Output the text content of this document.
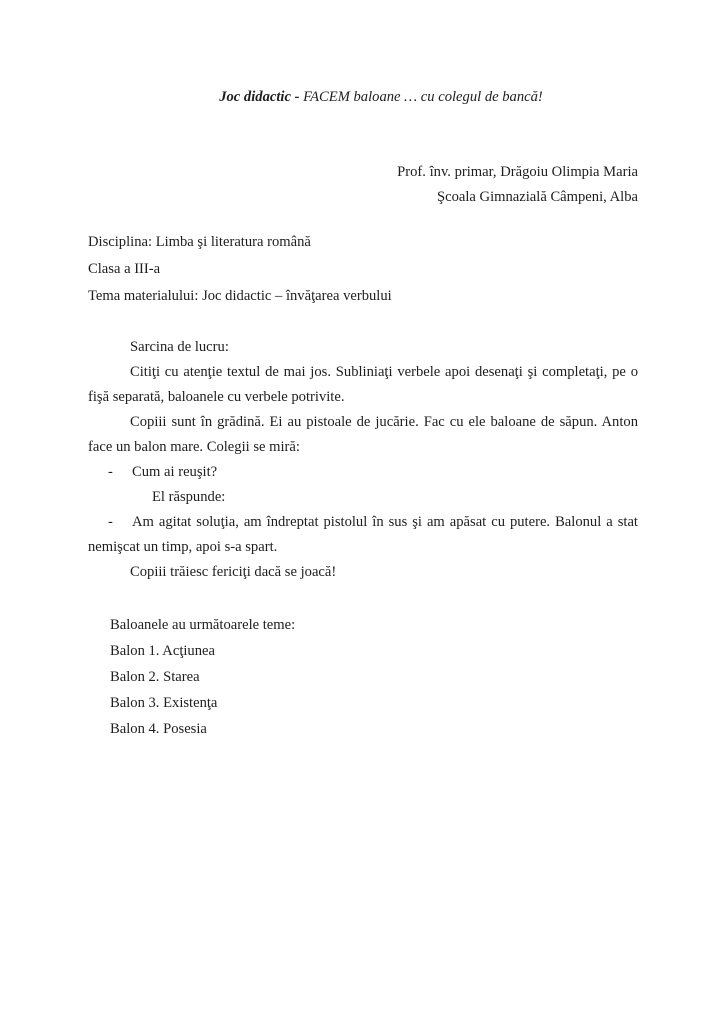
Joc didactic - FACEM baloane … cu colegul de bancă!

Prof. înv. primar, Drăgoiu Olimpia Maria

Şcoala Gimnazială Câmpeni, Alba

Disciplina: Limba şi literatura română

Clasa a III-a

Tema materialului: Joc didactic – învăţarea verbului

Sarcina de lucru:

Citiţi cu atenţie textul de mai jos. Subliniaţi verbele apoi desenaţi şi completaţi, pe o fişă separată, baloanele cu verbele potrivite.

Copiii sunt în grădină. Ei au pistoale de jucărie. Fac cu ele baloane de săpun. Anton face un balon mare. Colegii se miră:

- Cum ai reuşit?

El răspunde:

- Am agitat soluţia, am îndreptat pistolul în sus şi am apăsat cu putere. Balonul a stat nemişcat un timp, apoi s-a spart.

Copiii trăiesc fericiţi dacă se joacă!

Baloanele au următoarele teme:

Balon 1. Acţiunea

Balon 2. Starea

Balon 3. Existenţa

Balon 4. Posesia
